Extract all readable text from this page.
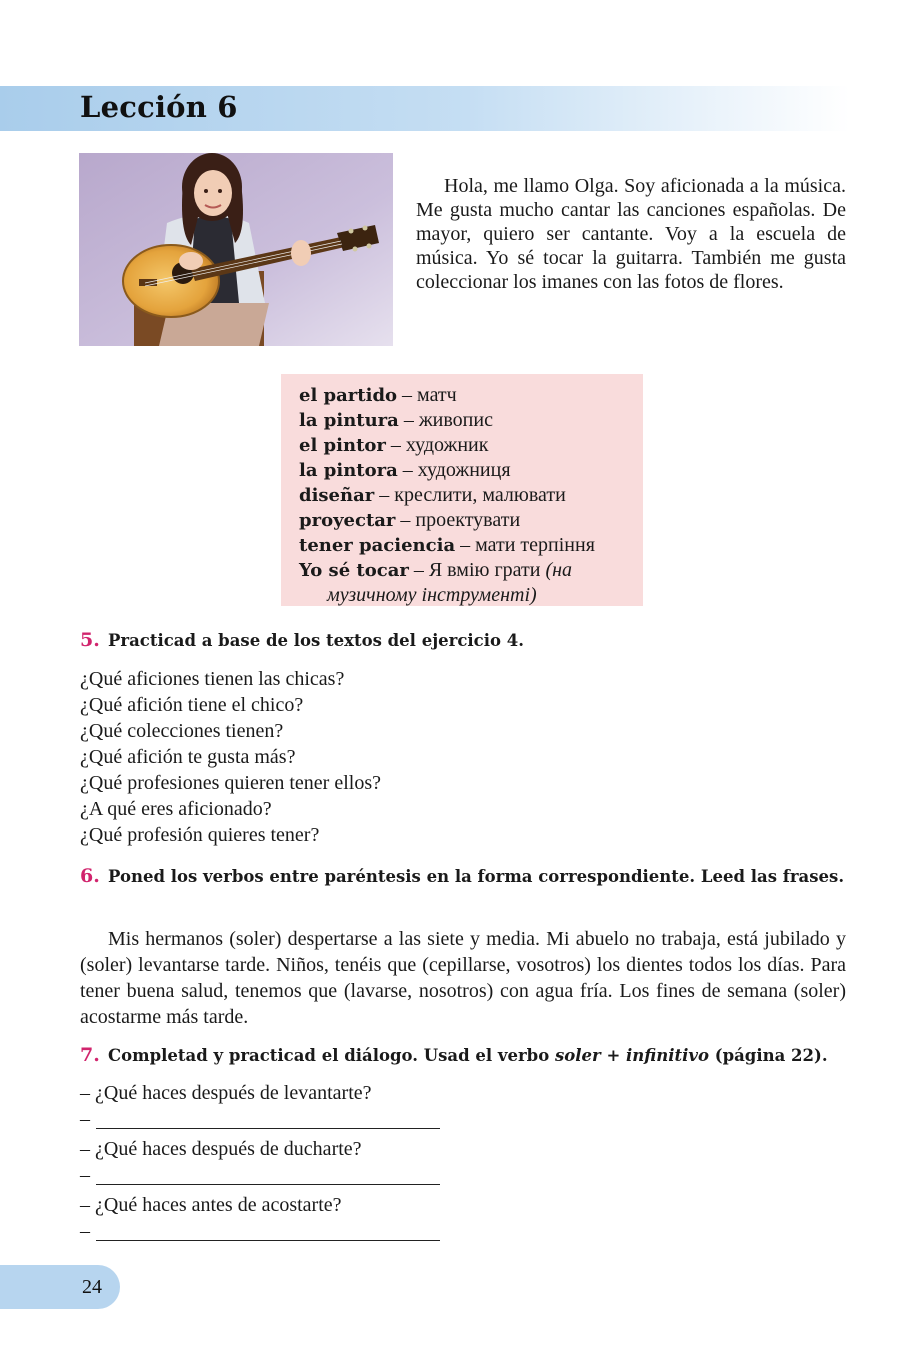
Lección 6

Hola, me llamo Olga. Soy aficionada a la música. Me gusta mucho cantar las canciones españolas. De mayor, quiero ser cantante. Voy a la escuela de música. Yo sé tocar la guitarra. También me gusta coleccionar los imanes con las fotos de flores.

el partido – матч
la pintura – живопис
el pintor – художник
la pintora – художниця
diseñar – креслити, малювати
proyectar – проектувати
tener paciencia – мати терпіння
Yo sé tocar – Я вмію грати (на
музичному інструменті)
5. Practicad a base de los textos del ejercicio 4.
¿Qué aficiones tienen las chicas?
¿Qué afición tiene el chico?
¿Qué colecciones tienen?
¿Qué afición te gusta más?
¿Qué profesiones quieren tener ellos?
¿A qué eres aficionado?
¿Qué profesión quieres tener?
6. Poned los verbos entre paréntesis en la forma correspondiente. Leed las frases.

Mis hermanos (soler) despertarse a las siete y media. Mi abuelo no trabaja, está jubilado y (soler) levantarse tarde. Niños, tenéis que (cepillarse, vosotros) los dientes todos los días. Para tener buena salud, tenemos que (lavarse, nosotros) con agua fría. Los fines de semana (soler) acostarme más tarde.

7. Completad y practicad el diálogo. Usad el verbo soler + infinitivo (página 22).
– ¿Qué haces después de levantarte?
–
– ¿Qué haces después de ducharte?
–
– ¿Qué haces antes de acostarte?
–
24
